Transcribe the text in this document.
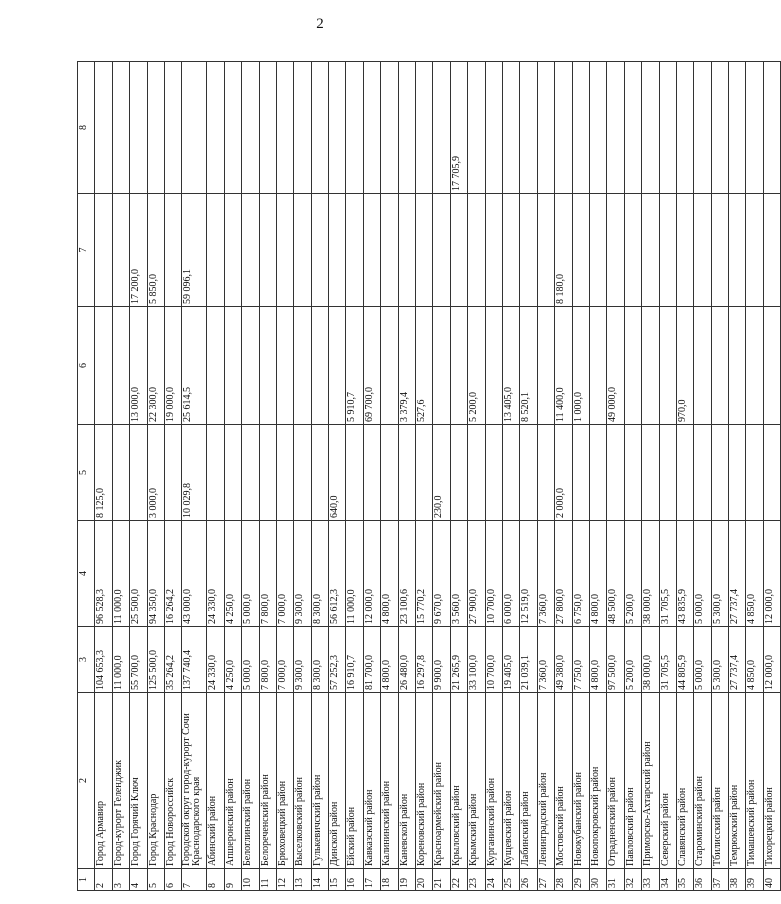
2
1	2	3	4	5	6	7	8
2	Город Армавир	104 653,3	96 528,3	8 125,0			
3	Город-курорт Геленджик	11 000,0	11 000,0				
4	Город Горячий Ключ	55 700,0	25 500,0		13 000,0	17 200,0	
5	Город Краснодар	125 500,0	94 350,0	3 000,0	22 300,0	5 850,0	
6	Город Новороссийск	35 264,2	16 264,2		19 000,0		
7	Городской округ город-курорт Сочи Краснодарского края	137 740,4	43 000,0	10 029,8	25 614,5	59 096,1	
8	Абинский район	24 330,0	24 330,0				
9	Апшеронский район	4 250,0	4 250,0				
10	Белоглинский район	5 000,0	5 000,0				
11	Белореченский район	7 800,0	7 800,0				
12	Брюховецкий район	7 000,0	7 000,0				
13	Выселковский район	9 300,0	9 300,0				
14	Гулькевичский район	8 300,0	8 300,0				
15	Динской район	57 252,3	56 612,3	640,0			
16	Ейский район	16 910,7	11 000,0		5 910,7		
17	Кавказский район	81 700,0	12 000,0		69 700,0		
18	Калининский район	4 800,0	4 800,0				
19	Каневской район	26 480,0	23 100,6		3 379,4		
20	Кореновский район	16 297,8	15 770,2		527,6		
21	Красноармейский район	9 900,0	9 670,0	230,0			
22	Крыловский район	21 265,9	3 560,0				17 705,9
23	Крымский район	33 100,0	27 900,0		5 200,0		
24	Курганинский район	10 700,0	10 700,0				
25	Кущевский район	19 405,0	6 000,0		13 405,0		
26	Лабинский район	21 039,1	12 519,0		8 520,1		
27	Ленинградский район	7 360,0	7 360,0				
28	Мостовский район	49 380,0	27 800,0	2 000,0	11 400,0	8 180,0	
29	Новокубанский район	7 750,0	6 750,0		1 000,0		
30	Новопокровский район	4 800,0	4 800,0				
31	Отрадненский район	97 500,0	48 500,0		49 000,0		
32	Павловский район	5 200,0	5 200,0				
33	Приморско-Ахтарский район	38 000,0	38 000,0				
34	Северский район	31 705,5	31 705,5				
35	Славянский район	44 805,9	43 835,9		970,0		
36	Староминский район	5 000,0	5 000,0				
37	Тбилисский район	5 300,0	5 300,0				
38	Темрюкский район	27 737,4	27 737,4				
39	Тимашевский район	4 850,0	4 850,0				
40	Тихорецкий район	12 000,0	12 000,0				
